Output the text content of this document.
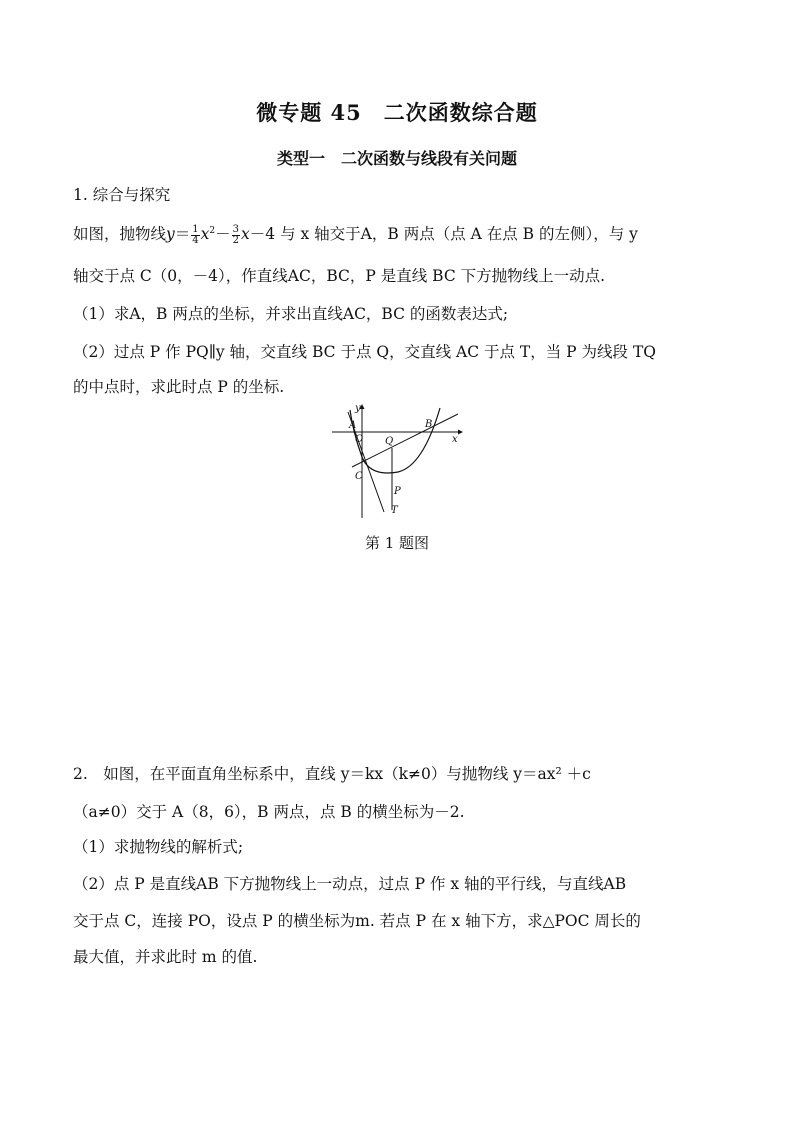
微专题 45　二次函数综合题
类型一　二次函数与线段有关问题
1. 综合与探究
如图，抛物线$y= \frac{1}{4} x^2- \frac{3}{2} x-4$ 与 x 轴交于A，B 两点（点 A 在点 B 的左侧），与 y
轴交于点 C（0，－4），作直线AC，BC，P 是直线 BC 下方抛物线上一动点.
（1）求A，B 两点的坐标，并求出直线AC，BC 的函数表达式;
（2）过点 P 作 PQ∥y 轴，交直线 BC 于点 Q，交直线 AC 于点 T，当 P 为线段 TQ
的中点时，求此时点 P 的坐标.
y
x
A
O
B
Q
C
P
T
第 1 题图
2.　如图，在平面直角坐标系中，直线 y＝kx（k≠0）与抛物线 y＝ax² ＋c
（a≠0）交于 A（8，6），B 两点，点 B 的横坐标为－2.
（1）求抛物线的解析式;
（2）点 P 是直线AB 下方抛物线上一动点，过点 P 作 x 轴的平行线，与直线AB
交于点 C，连接 PO，设点 P 的横坐标为m. 若点 P 在 x 轴下方，求△POC 周长的
最大值，并求此时 m 的值.
